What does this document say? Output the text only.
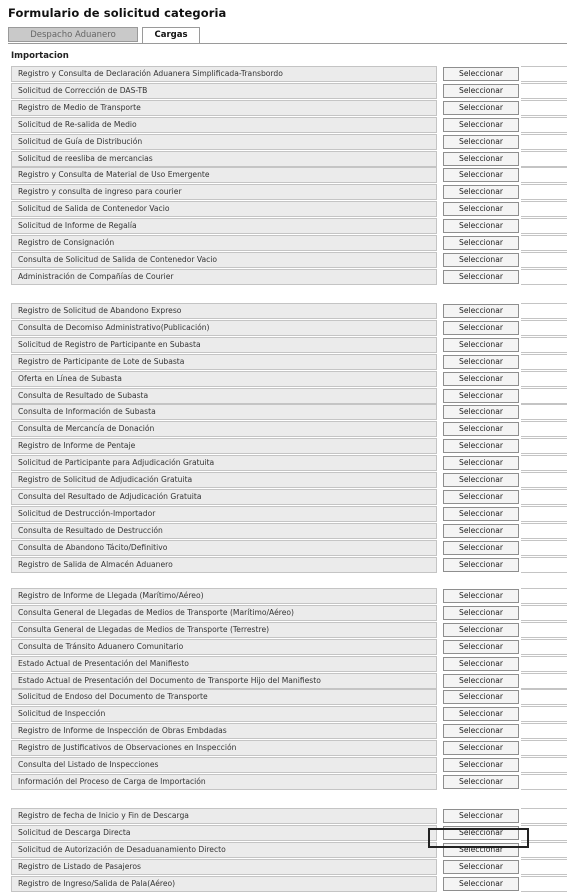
Formulario de solicitud categoria
Despacho Aduanero	Cargas
Importacion
Registro y Consulta de Declaración Aduanera Simplificada-Transbordo	Seleccionar
Solicitud de Corrección de DAS-TB	Seleccionar
Registro de Medio de Transporte	Seleccionar
Solicitud de Re-salida de Medio	Seleccionar
Solicitud de Guía de Distribución	Seleccionar
Solicitud de reesliba de mercancias	Seleccionar
Registro y Consulta de Material de Uso Emergente	Seleccionar
Registro y consulta de ingreso para courier	Seleccionar
Solicitud de Salida de Contenedor Vacio	Seleccionar
Solicitud de Informe de Regalía	Seleccionar
Registro de Consignación	Seleccionar
Consulta de Solicitud de Salida de Contenedor Vacio	Seleccionar
Administración de Compañías de Courier	Seleccionar
Registro de Solicitud de Abandono Expreso	Seleccionar
Consulta de Decomiso Administrativo(Publicación)	Seleccionar
Solicitud de Registro de Participante en Subasta	Seleccionar
Registro de Participante de Lote de Subasta	Seleccionar
Oferta en Línea de Subasta	Seleccionar
Consulta de Resultado de Subasta	Seleccionar
Consulta de Información de Subasta	Seleccionar
Consulta de Mercancía de Donación	Seleccionar
Registro de Informe de Pentaje	Seleccionar
Solicitud de Participante para Adjudicación Gratuita	Seleccionar
Registro de Solicitud de Adjudicación Gratuita	Seleccionar
Consulta del Resultado de Adjudicación Gratuita	Seleccionar
Solicitud de Destrucción-Importador	Seleccionar
Consulta de Resultado de Destrucción	Seleccionar
Consulta de Abandono Tácito/Definitivo	Seleccionar
Registro de Salida de Almacén Aduanero	Seleccionar
Registro de Informe de Llegada (Marítimo/Aéreo)	Seleccionar
Consulta General de Llegadas de Medios de Transporte (Marítimo/Aéreo)	Seleccionar
Consulta General de Llegadas de Medios de Transporte (Terrestre)	Seleccionar
Consulta de Tránsito Aduanero Comunitario	Seleccionar
Estado Actual de Presentación del Manifiesto	Seleccionar
Estado Actual de Presentación del Documento de Transporte Hijo del Manifiesto	Seleccionar
Solicitud de Endoso del Documento de Transporte	Seleccionar
Solicitud de Inspección	Seleccionar
Registro de Informe de Inspección de Obras Embdadas	Seleccionar
Registro de Justificativos de Observaciones en Inspección	Seleccionar
Consulta del Listado de Inspecciones	Seleccionar
Información del Proceso de Carga de Importación	Seleccionar
Registro de fecha de Inicio y Fin de Descarga	Seleccionar
Solicitud de Descarga Directa	Seleccionar
Solicitud de Autorización de Desaduanamiento Directo	Seleccionar
Registro de Listado de Pasajeros	Seleccionar
Registro de Ingreso/Salida de Pala(Aéreo)	Seleccionar
